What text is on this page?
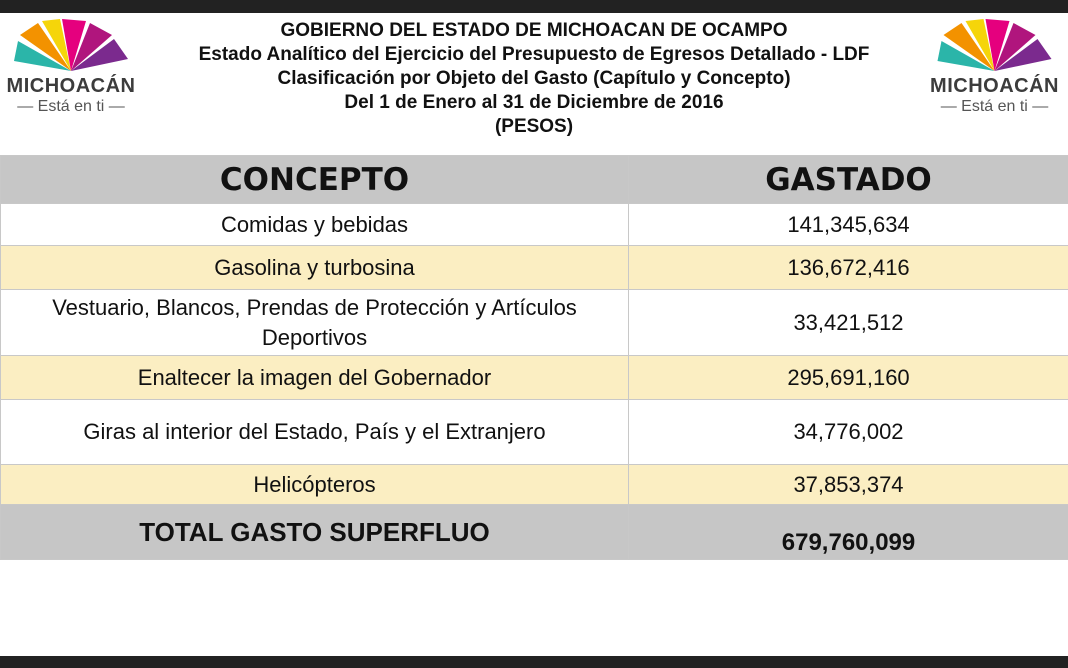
MICHOACÁN
— Está en ti —
GOBIERNO DEL ESTADO DE MICHOACAN DE OCAMPO
Estado Analítico del Ejercicio del Presupuesto de Egresos Detallado - LDF
Clasificación por Objeto del Gasto (Capítulo y Concepto)
Del 1 de Enero al 31 de Diciembre de 2016
(PESOS)
MICHOACÁN
— Está en ti —
CONCEPTO	GASTADO
Comidas y bebidas	141,345,634
Gasolina y turbosina	136,672,416
Vestuario, Blancos, Prendas de Protección y Artículos Deportivos	33,421,512
Enaltecer la imagen del Gobernador	295,691,160
Giras al interior del Estado, País y el Extranjero	34,776,002
Helicópteros	37,853,374
TOTAL GASTO SUPERFLUO	679,760,099
